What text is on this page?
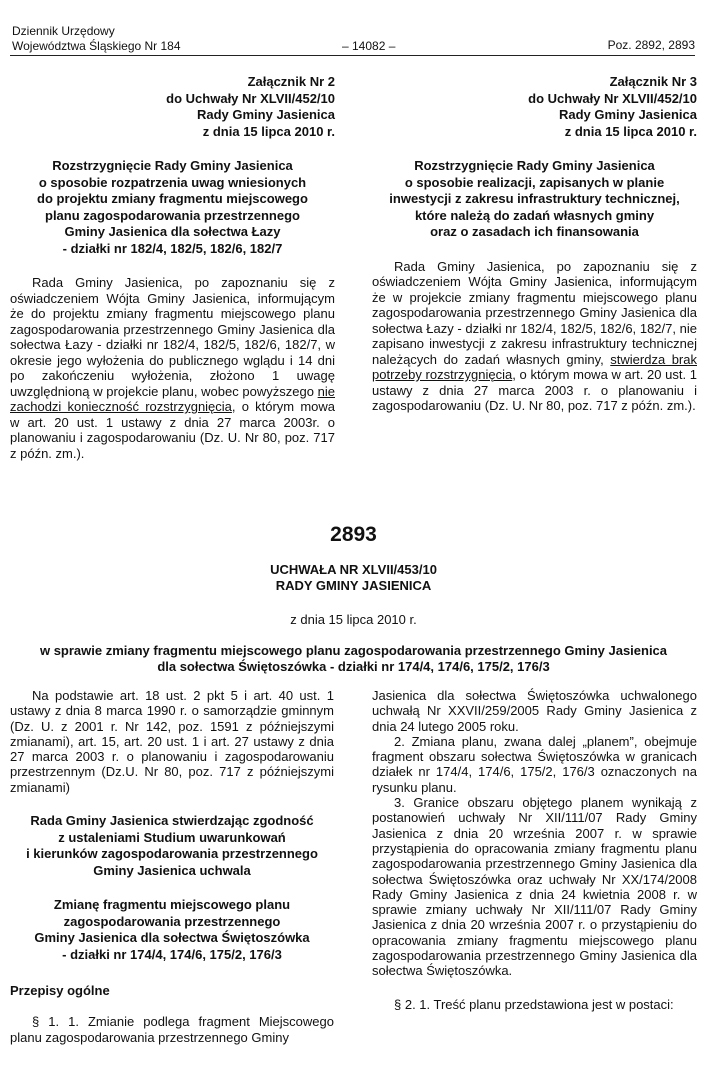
Dziennik Urzędowy
Województwa Śląskiego Nr 184	– 14082 –	Poz. 2892, 2893
Załącznik Nr 2
do Uchwały Nr XLVII/452/10
Rady Gminy Jasienica
z dnia 15 lipca 2010 r.
Rozstrzygnięcie Rady Gminy Jasienica
o sposobie rozpatrzenia uwag wniesionych
do projektu zmiany fragmentu miejscowego
planu zagospodarowania przestrzennego
Gminy Jasienica dla sołectwa Łazy
- działki nr 182/4, 182/5, 182/6, 182/7

Rada Gminy Jasienica, po zapoznaniu się z oświadczeniem Wójta Gminy Jasienica, informującym że do projektu zmiany fragmentu miejscowego planu zagospodarowania przestrzennego Gminy Jasienica dla sołectwa Łazy - działki nr 182/4, 182/5, 182/6, 182/7, w okresie jego wyłożenia do publicznego wglądu i 14 dni po zakończeniu wyłożenia, złożono 1 uwagę uwzględnioną w projekcie planu, wobec powyższego nie zachodzi konieczność rozstrzygnięcia, o którym mowa w art. 20 ust. 1 ustawy z dnia 27 marca 2003r. o planowaniu i zagospodarowaniu (Dz. U. Nr 80, poz. 717 z późn. zm.).

Załącznik Nr 3
do Uchwały Nr XLVII/452/10
Rady Gminy Jasienica
z dnia 15 lipca 2010 r.
Rozstrzygnięcie Rady Gminy Jasienica
o sposobie realizacji, zapisanych w planie
inwestycji z zakresu infrastruktury technicznej,
które należą do zadań własnych gminy
oraz o zasadach ich finansowania

Rada Gminy Jasienica, po zapoznaniu się z oświadczeniem Wójta Gminy Jasienica, informującym że w projekcie zmiany fragmentu miejscowego planu zagospodarowania przestrzennego Gminy Jasienica dla sołectwa Łazy - działki nr 182/4, 182/5, 182/6, 182/7, nie zapisano inwestycji z zakresu infrastruktury technicznej należących do zadań własnych gminy, stwierdza brak potrzeby rozstrzygnięcia, o którym mowa w art. 20 ust. 1 ustawy z dnia 27 marca 2003 r. o planowaniu i zagospodarowaniu (Dz. U. Nr 80, poz. 717 z późn. zm.).

2893
UCHWAŁA NR XLVII/453/10
RADY GMINY JASIENICA
z dnia 15 lipca 2010 r.
w sprawie zmiany fragmentu miejscowego planu zagospodarowania przestrzennego Gminy Jasienica
dla sołectwa Świętoszówka - działki nr 174/4, 174/6, 175/2, 176/3

Na podstawie art. 18 ust. 2 pkt 5 i art. 40 ust. 1 ustawy z dnia 8 marca 1990 r. o samorządzie gminnym (Dz. U. z 2001 r. Nr 142, poz. 1591 z późniejszymi zmianami), art. 15, art. 20 ust. 1 i art. 27 ustawy z dnia 27 marca 2003 r. o planowaniu i zagospodarowaniu przestrzennym (Dz.U. Nr 80, poz. 717 z późniejszymi zmianami)

Rada Gminy Jasienica stwierdzając zgodność
z ustaleniami Studium uwarunkowań
i kierunków zagospodarowania przestrzennego
Gminy Jasienica uchwala
Zmianę fragmentu miejscowego planu
zagospodarowania przestrzennego
Gminy Jasienica dla sołectwa Świętoszówka
- działki nr 174/4, 174/6, 175/2, 176/3
Przepisy ogólne

§ 1. 1. Zmianie podlega fragment Miejscowego planu zagospodarowania przestrzennego Gminy

Jasienica dla sołectwa Świętoszówka uchwalonego uchwałą Nr XXVII/259/2005 Rady Gminy Jasienica z dnia 24 lutego 2005 roku.

2. Zmiana planu, zwana dalej „planem”, obejmuje fragment obszaru sołectwa Świętoszówka w granicach działek nr 174/4, 174/6, 175/2, 176/3 oznaczonych na rysunku planu.

3. Granice obszaru objętego planem wynikają z postanowień uchwały Nr XII/111/07 Rady Gminy Jasienica z dnia 20 września 2007 r. w sprawie przystąpienia do opracowania zmiany fragmentu planu zagospodarowania przestrzennego Gminy Jasienica dla sołectwa Świętoszówka oraz uchwały Nr XX/174/2008 Rady Gminy Jasienica z dnia 24 kwietnia 2008 r. w sprawie zmiany uchwały Nr XII/111/07 Rady Gminy Jasienica z dnia 20 września 2007 r. o przystąpieniu do opracowania zmiany fragmentu miejscowego planu zagospodarowania przestrzennego Gminy Jasienica dla sołectwa Świętoszówka.

§ 2. 1. Treść planu przedstawiona jest w postaci:
